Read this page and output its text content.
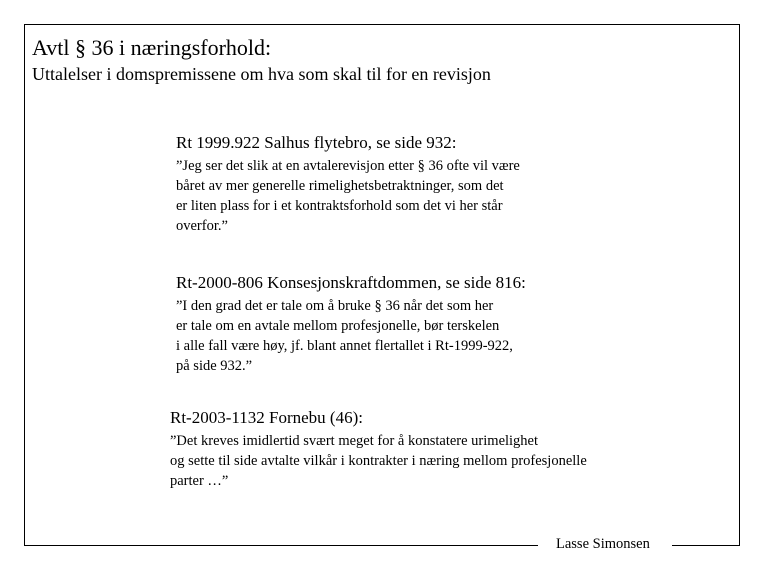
Avtl § 36 i næringsforhold:
Uttalelser i domspremissene om hva som skal til for en revisjon
Rt 1999.922 Salhus flytebro, se side 932:
”Jeg ser det slik at en avtalerevisjon etter § 36 ofte vil være
båret av mer generelle rimelighetsbetraktninger, som det
er liten plass for i et kontraktsforhold som det vi her står
overfor.”
Rt-2000-806 Konsesjonskraftdommen, se side 816:
”I den grad det er tale om å bruke § 36 når det som her
er tale om en avtale mellom profesjonelle, bør terskelen
i alle fall være høy, jf. blant annet flertallet i Rt-1999-922,
på side 932.”
Rt-2003-1132 Fornebu (46):
”Det kreves imidlertid svært meget for å konstatere urimelighet
og sette til side avtalte vilkår i kontrakter i næring mellom profesjonelle
parter …”
Lasse Simonsen
